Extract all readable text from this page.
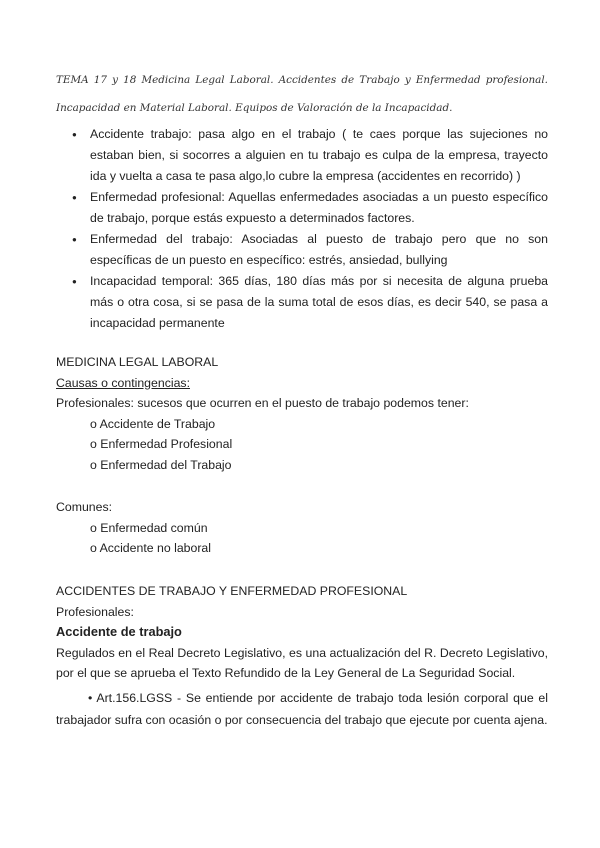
TEMA 17 y 18 Medicina Legal Laboral. Accidentes de Trabajo y Enfermedad profesional. Incapacidad en Material Laboral. Equipos de Valoración de la Incapacidad.
● Accidente trabajo: pasa algo en el trabajo ( te caes porque las sujeciones no estaban bien, si socorres a alguien en tu trabajo es culpa de la empresa, trayecto ida y vuelta a casa te pasa algo,lo cubre la empresa (accidentes en recorrido) )
● Enfermedad profesional: Aquellas enfermedades asociadas a un puesto específico de trabajo, porque estás expuesto a determinados factores.
● Enfermedad del trabajo: Asociadas al puesto de trabajo pero que no son específicas de un puesto en específico: estrés, ansiedad, bullying
● Incapacidad temporal: 365 días, 180 días más por si necesita de alguna prueba más o otra cosa, si se pasa de la suma total de esos días, es decir 540, se pasa a incapacidad permanente
MEDICINA LEGAL LABORAL
Causas o contingencias:
Profesionales: sucesos que ocurren en el puesto de trabajo podemos tener:
o Accidente de Trabajo
o Enfermedad Profesional
o Enfermedad del Trabajo
Comunes:
o Enfermedad común
o Accidente no laboral
ACCIDENTES DE TRABAJO Y ENFERMEDAD PROFESIONAL
Profesionales:
Accidente de trabajo
Regulados en el Real Decreto Legislativo, es una actualización del R. Decreto Legislativo, por el que se aprueba el Texto Refundido de la Ley General de La Seguridad Social.
• Art.156.LGSS - Se entiende por accidente de trabajo toda lesión corporal que el trabajador sufra con ocasión o por consecuencia del trabajo que ejecute por cuenta ajena.
